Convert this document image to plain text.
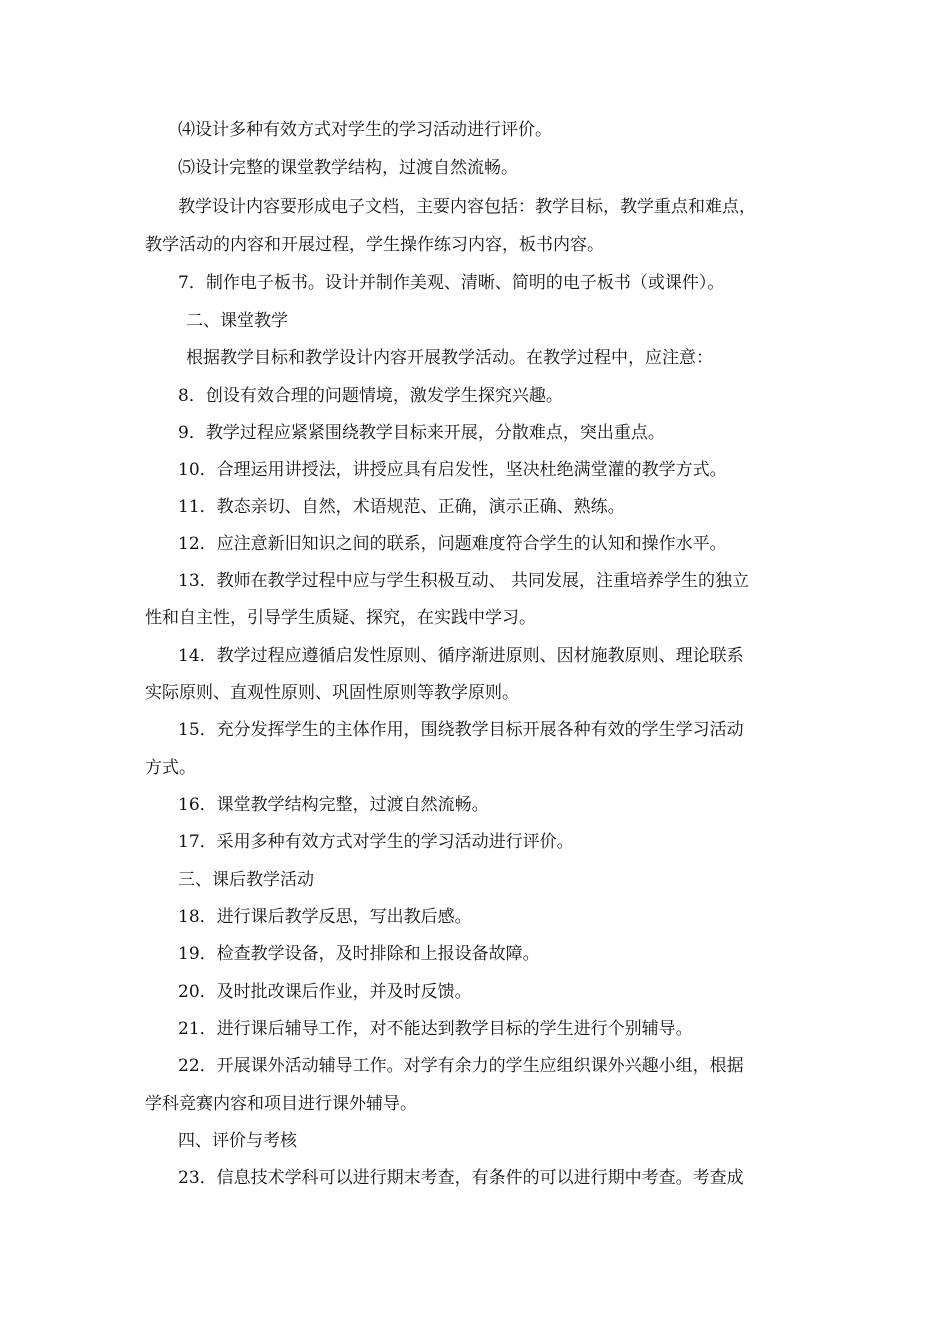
⑷设计多种有效方式对学生的学习活动进行评价。

⑸设计完整的课堂教学结构，过渡自然流畅。

教学设计内容要形成电子文档，主要内容包括：教学目标，教学重点和难点，

教学活动的内容和开展过程，学生操作练习内容，板书内容。

7．制作电子板书。设计并制作美观、清晰、简明的电子板书（或课件）。

二、课堂教学

根据教学目标和教学设计内容开展教学活动。在教学过程中，应注意：

8．创设有效合理的问题情境，激发学生探究兴趣。

9．教学过程应紧紧围绕教学目标来开展，分散难点，突出重点。

10．合理运用讲授法，讲授应具有启发性，坚决杜绝满堂灌的教学方式。

11．教态亲切、自然，术语规范、正确，演示正确、熟练。

12．应注意新旧知识之间的联系，问题难度符合学生的认知和操作水平。

13．教师在教学过程中应与学生积极互动、 共同发展，注重培养学生的独立

性和自主性，引导学生质疑、探究，在实践中学习。

14．教学过程应遵循启发性原则、循序渐进原则、因材施教原则、理论联系

实际原则、直观性原则、巩固性原则等教学原则。

15．充分发挥学生的主体作用，围绕教学目标开展各种有效的学生学习活动

方式。

16．课堂教学结构完整，过渡自然流畅。

17．采用多种有效方式对学生的学习活动进行评价。

三、课后教学活动

18．进行课后教学反思，写出教后感。

19．检查教学设备，及时排除和上报设备故障。

20．及时批改课后作业，并及时反馈。

21．进行课后辅导工作，对不能达到教学目标的学生进行个别辅导。

22．开展课外活动辅导工作。对学有余力的学生应组织课外兴趣小组，根据

学科竞赛内容和项目进行课外辅导。

四、评价与考核

23．信息技术学科可以进行期末考查，有条件的可以进行期中考查。考查成
